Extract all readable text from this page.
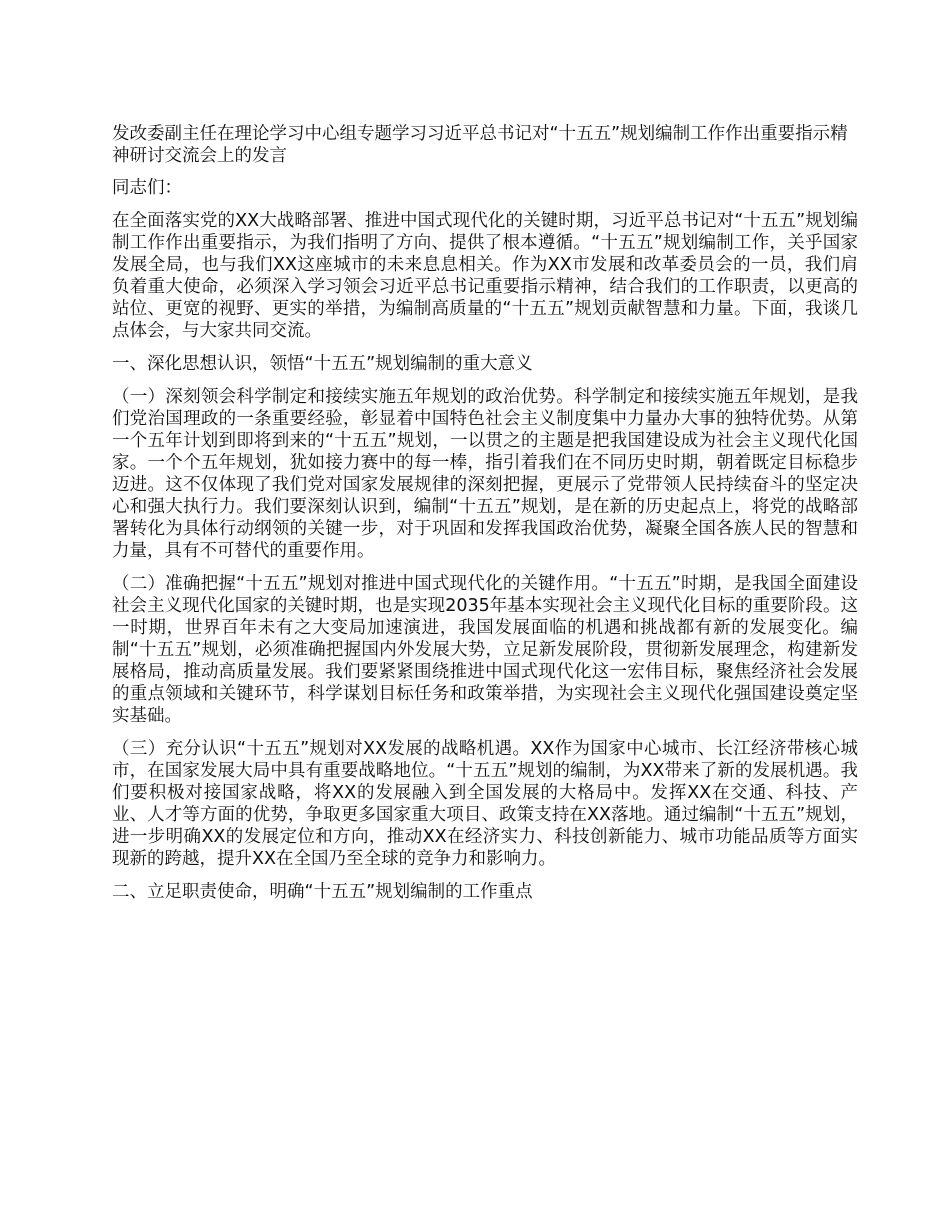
发改委副主任在理论学习中心组专题学习习近平总书记对“十五五”规划编制工作作出重要指示精神研讨交流会上的发言

同志们：

在全面落实党的XX大战略部署、推进中国式现代化的关键时期，习近平总书记对“十五五”规划编制工作作出重要指示，为我们指明了方向、提供了根本遵循。“十五五”规划编制工作，关乎国家发展全局，也与我们XX这座城市的未来息息相关。作为XX市发展和改革委员会的一员，我们肩负着重大使命，必须深入学习领会习近平总书记重要指示精神，结合我们的工作职责，以更高的站位、更宽的视野、更实的举措，为编制高质量的“十五五”规划贡献智慧和力量。下面，我谈几点体会，与大家共同交流。

一、深化思想认识，领悟“十五五”规划编制的重大意义

（一）深刻领会科学制定和接续实施五年规划的政治优势。科学制定和接续实施五年规划，是我们党治国理政的一条重要经验，彰显着中国特色社会主义制度集中力量办大事的独特优势。从第一个五年计划到即将到来的“十五五”规划，一以贯之的主题是把我国建设成为社会主义现代化国家。一个个五年规划，犹如接力赛中的每一棒，指引着我们在不同历史时期，朝着既定目标稳步迈进。这不仅体现了我们党对国家发展规律的深刻把握，更展示了党带领人民持续奋斗的坚定决心和强大执行力。我们要深刻认识到，编制“十五五”规划，是在新的历史起点上，将党的战略部署转化为具体行动纲领的关键一步，对于巩固和发挥我国政治优势，凝聚全国各族人民的智慧和力量，具有不可替代的重要作用。

（二）准确把握“十五五”规划对推进中国式现代化的关键作用。“十五五”时期，是我国全面建设社会主义现代化国家的关键时期，也是实现2035年基本实现社会主义现代化目标的重要阶段。这一时期，世界百年未有之大变局加速演进，我国发展面临的机遇和挑战都有新的发展变化。编制“十五五”规划，必须准确把握国内外发展大势，立足新发展阶段，贯彻新发展理念，构建新发展格局，推动高质量发展。我们要紧紧围绕推进中国式现代化这一宏伟目标，聚焦经济社会发展的重点领域和关键环节，科学谋划目标任务和政策举措，为实现社会主义现代化强国建设奠定坚实基础。

（三）充分认识“十五五”规划对XX发展的战略机遇。XX作为国家中心城市、长江经济带核心城市，在国家发展大局中具有重要战略地位。“十五五”规划的编制，为XX带来了新的发展机遇。我们要积极对接国家战略，将XX的发展融入到全国发展的大格局中。发挥XX在交通、科技、产业、人才等方面的优势，争取更多国家重大项目、政策支持在XX落地。通过编制“十五五”规划，进一步明确XX的发展定位和方向，推动XX在经济实力、科技创新能力、城市功能品质等方面实现新的跨越，提升XX在全国乃至全球的竞争力和影响力。

二、立足职责使命，明确“十五五”规划编制的工作重点
